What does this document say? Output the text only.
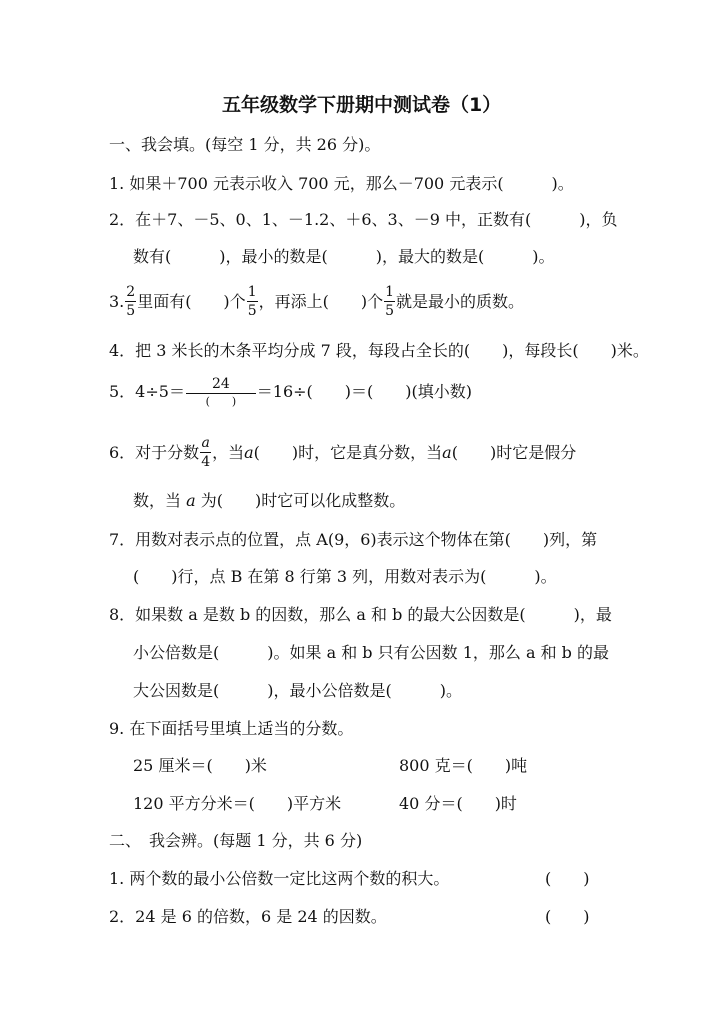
五年级数学下册期中测试卷（1）
一、我会填。(每空 1 分，共 26 分)。
1. 如果＋700 元表示收入 700 元，那么－700 元表示(　　　)。
2．在＋7、－5、0、1、－1.2、＋6、3、－9 中，正数有(　　　)，负
数有(　　　)，最小的数是(　　　)，最大的数是(　　　)。
3. $\frac{2}{5}$ 里面有(　　)个 $\frac{1}{5}$ ，再添上(　　)个 $\frac{1}{5}$ 就是最小的质数。
4．把 3 米长的木条平均分成 7 段，每段占全长的(　　)，每段长(　　)米。
5．$4\div 5= \frac{24}{( )} =16\div$(　　)＝(　　)(填小数)
6．对于分数 $\frac{a}{4}$ ，当 a (　　)时，它是真分数，当 a (　　)时它是假分
数，当 a 为(　　)时它可以化成整数。
7．用数对表示点的位置，点 A(9，6)表示这个物体在第(　　)列，第
(　　)行，点 B 在第 8 行第 3 列，用数对表示为(　　　)。
8．如果数 a 是数 b 的因数，那么 a 和 b 的最大公因数是(　　　)，最
小公倍数是(　　　)。如果 a 和 b 只有公因数 1，那么 a 和 b 的最
大公因数是(　　　)，最小公倍数是(　　　)。
9. 在下面括号里填上适当的分数。
25 厘米＝(　　)米	800 克＝(　　)吨
120 平方分米＝(　　)平方米	40 分＝(　　)时
二、　我会辨。(每题 1 分，共 6 分)
1. 两个数的最小公倍数一定比这两个数的积大。	(　　)
2．24 是 6 的倍数，6 是 24 的因数。	(　　)
